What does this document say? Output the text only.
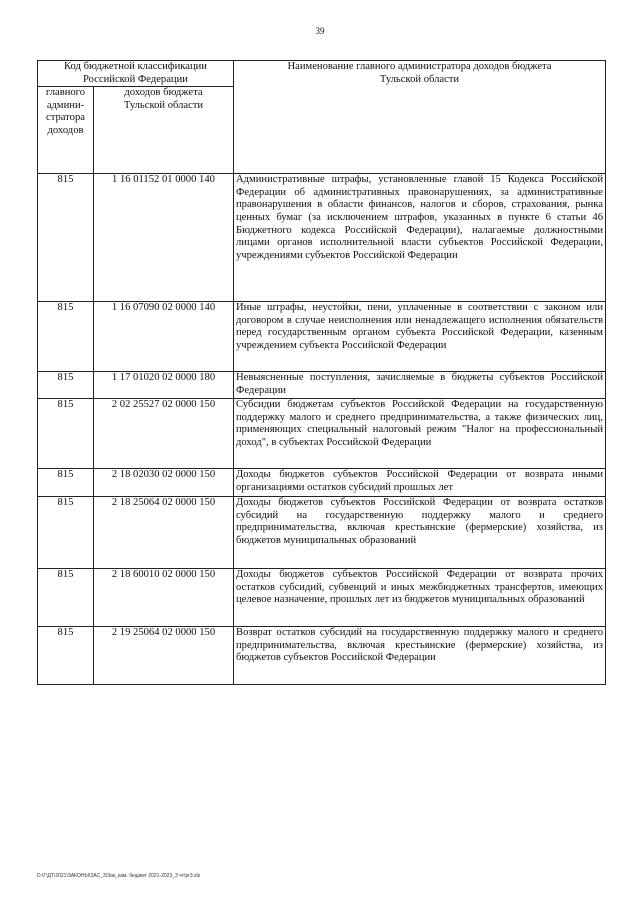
39
Код бюджетной классификации Российской Федерации		Наименование главного администратора доходов бюджета Тульской области

главного админи-стратора доходов	доходов бюджета Тульской области	

815	1 16 01152 01 0000 140	Административные штрафы, установленные главой 15 Кодекса Российской Федерации об административных правонарушениях, за административные правонарушения в области финансов, налогов и сборов, страхования, рынка ценных бумаг (за исключением штрафов, указанных в пункте 6 статьи 46 Бюджетного кодекса Российской Федерации), налагаемые должностными лицами органов исполнительной власти субъектов Российской Федерации, учреждениями субъектов Российской Федерации
815	1 16 07090 02 0000 140	Иные штрафы, неустойки, пени, уплаченные в соответствии с законом или договором в случае неисполнения или ненадлежащего исполнения обязательств перед государственным органом субъекта Российской Федерации, казенным учреждением субъекта Российской Федерации
815	1 17 01020 02 0000 180	Невыясненные поступления, зачисляемые в бюджеты субъектов Российской Федерации
815	2 02 25527 02 0000 150	Субсидии бюджетам субъектов Российской Федерации на государственную поддержку малого и среднего предпринимательства, а также физических лиц, применяющих специальный налоговый режим "Налог на профессиональный доход", в субъектах Российской Федерации
815	2 18 02030 02 0000 150	Доходы бюджетов субъектов Российской Федерации от возврата иными организациями остатков субсидий прошлых лет
815	2 18 25064 02 0000 150	Доходы бюджетов субъектов Российской Федерации от возврата остатков субсидий на государственную поддержку малого и среднего предпринимательства, включая крестьянские (фермерские) хозяйства, из бюджетов муниципальных образований
815	2 18 60010 02 0000 150	Доходы бюджетов субъектов Российской Федерации от возврата прочих остатков субсидий, субвенций и иных межбюджетных трансфертов, имеющих целевое назначение, прошлых лет из бюджетов муниципальных образований
815	2 19 25064 02 0000 150	Возврат остатков субсидий на государственную поддержку малого и среднего предпринимательства, включая крестьянские (фермерские) хозяйства, из бюджетов субъектов Российской Федерации
D:\Г\ДТ\2021\ЗАКОНЫ\ЗАС_3\Зак_изм. бюджет 2021-2023_3 чт\pr3.xls
